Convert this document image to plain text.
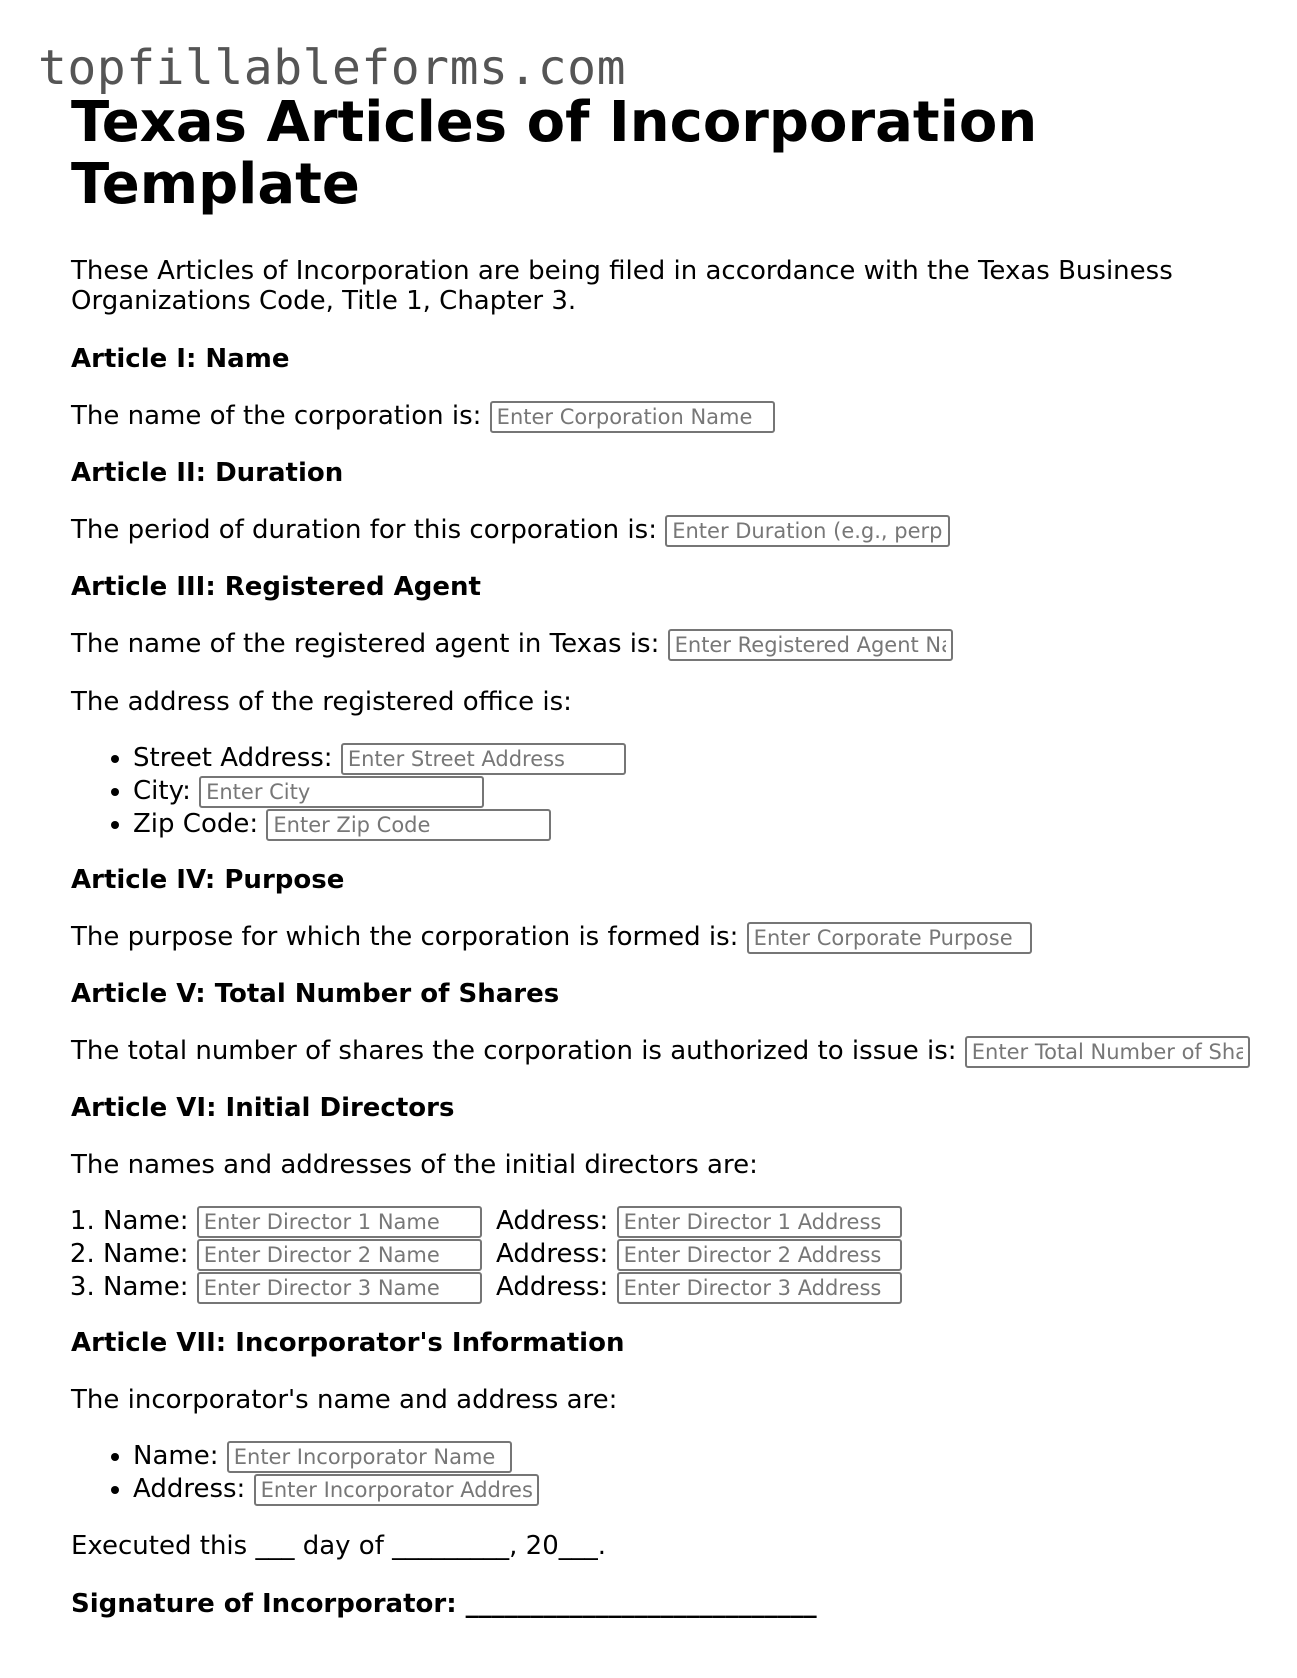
topfillableforms.com
Texas Articles of Incorporation Template

These Articles of Incorporation are being filed in accordance with the Texas Business Organizations Code, Title 1, Chapter 3.

Article I: Name

The name of the corporation is: Enter Corporation Name

Article II: Duration

The period of duration for this corporation is: Enter Duration (e.g., perpetual)

Article III: Registered Agent

The name of the registered agent in Texas is: Enter Registered Agent Name

The address of the registered office is:

• Street Address: Enter Street Address
• City: Enter City
• Zip Code: Enter Zip Code
Article IV: Purpose

The purpose for which the corporation is formed is: Enter Corporate Purpose

Article V: Total Number of Shares

The total number of shares the corporation is authorized to issue is: Enter Total Number of Shares

Article VI: Initial Directors

The names and addresses of the initial directors are:

1. Name: Enter Director 1 Name	Address: Enter Director 1 Address
2. Name: Enter Director 2 Name	Address: Enter Director 2 Address
3. Name: Enter Director 3 Name	Address: Enter Director 3 Address
Article VII: Incorporator's Information

The incorporator's name and address are:

• Name: Enter Incorporator Name
• Address: Enter Incorporator Address

Executed this ___ day of _________, 20___.

Signature of Incorporator: ___________________________
